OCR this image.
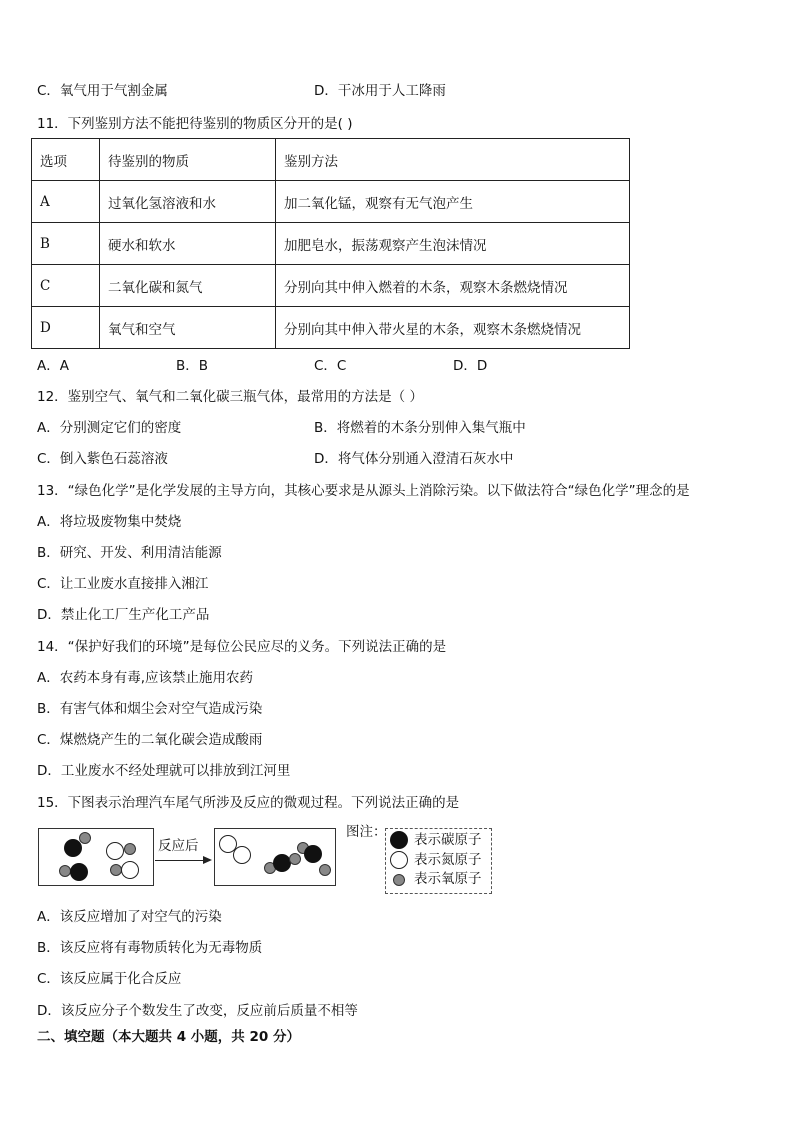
C．氧气用于气割金属	D．干冰用于人工降雨
11．下列鉴别方法不能把待鉴别的物质区分开的是( )
选项	待鉴别的物质	鉴别方法
A	过氧化氢溶液和水	加二氧化锰，观察有无气泡产生
B	硬水和软水	加肥皂水，振荡观察产生泡沫情况
C	二氧化碳和氮气	分别向其中伸入燃着的木条，观察木条燃烧情况
D	氧气和空气	分别向其中伸入带火星的木条，观察木条燃烧情况
A．A	B．B	C．C	D．D
12．鉴别空气、氧气和二氧化碳三瓶气体，最常用的方法是（ ）
A．分别测定它们的密度	B．将燃着的木条分别伸入集气瓶中
C．倒入紫色石蕊溶液	D．将气体分别通入澄清石灰水中
13．“绿色化学”是化学发展的主导方向，其核心要求是从源头上消除污染。以下做法符合“绿色化学”理念的是
A．将垃圾废物集中焚烧
B．研究、开发、利用清洁能源
C．让工业废水直接排入湘江
D．禁止化工厂生产化工产品
14．“保护好我们的环境”是每位公民应尽的义务。下列说法正确的是
A．农药本身有毒,应该禁止施用农药
B．有害气体和烟尘会对空气造成污染
C．煤燃烧产生的二氧化碳会造成酸雨
D．工业废水不经处理就可以排放到江河里
15．下图表示治理汽车尾气所涉及反应的微观过程。下列说法正确的是
反应后
图注： 表示碳原子
表示氮原子
表示氧原子
A．该反应增加了对空气的污染
B．该反应将有毒物质转化为无毒物质
C．该反应属于化合反应
D．该反应分子个数发生了改变，反应前后质量不相等
二、填空题（本大题共 4 小题，共 20 分）
